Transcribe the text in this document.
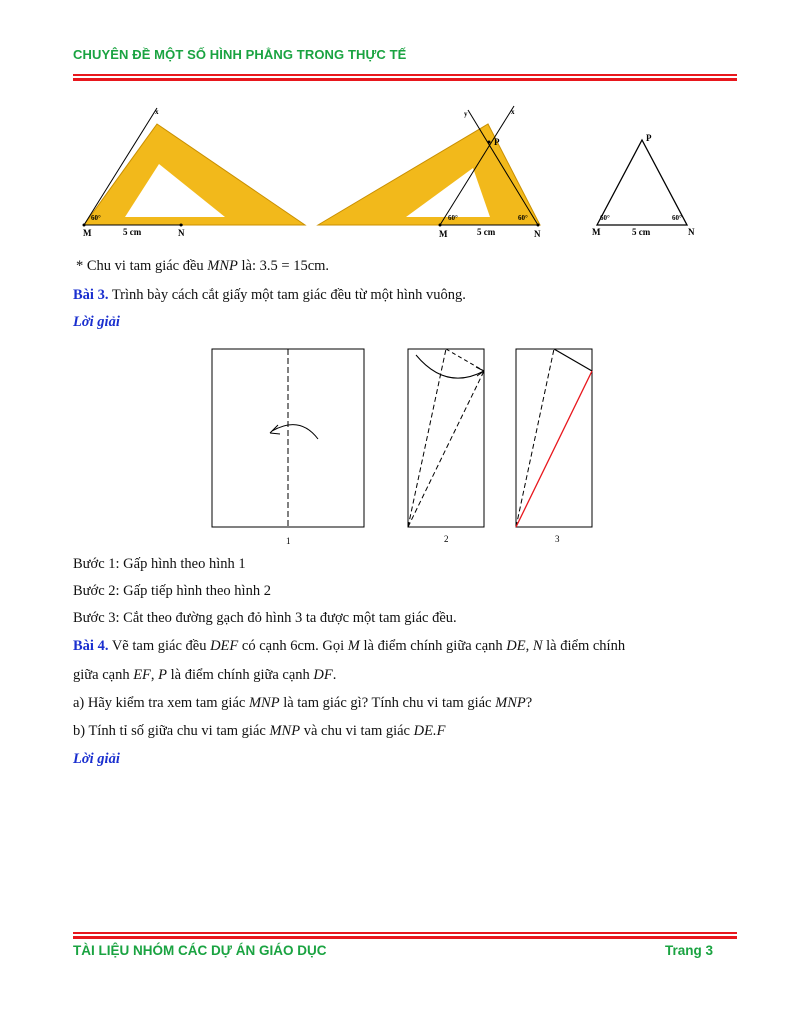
CHUYÊN ĐỀ MỘT SỐ HÌNH PHẲNG TRONG THỰC TẾ
x
60°
M	5 cm	N
y	x
P
60°	60°
M	5 cm	N
P
60°	60°
M	5 cm	N
* Chu vi tam giác đều MNP là: 3.5 = 15cm.
Bài 3. Trình bày cách cắt giấy một tam giác đều từ một hình vuông.
Lời giải
1	2	3
Bước 1: Gấp hình theo hình 1
Bước 2: Gấp tiếp hình theo hình 2
Bước 3: Cắt theo đường gạch đỏ hình 3 ta được một tam giác đều.
Bài 4. Vẽ tam giác đều DEF có cạnh 6cm. Gọi M là điểm chính giữa cạnh DE, N là điểm chính
giữa cạnh EF, P là điểm chính giữa cạnh DF.
a) Hãy kiểm tra xem tam giác MNP là tam giác gì? Tính chu vi tam giác MNP?
b) Tính tỉ số giữa chu vi tam giác MNP và chu vi tam giác DE.F
Lời giải
TÀI LIỆU NHÓM CÁC DỰ ÁN GIÁO DỤC	Trang 3
